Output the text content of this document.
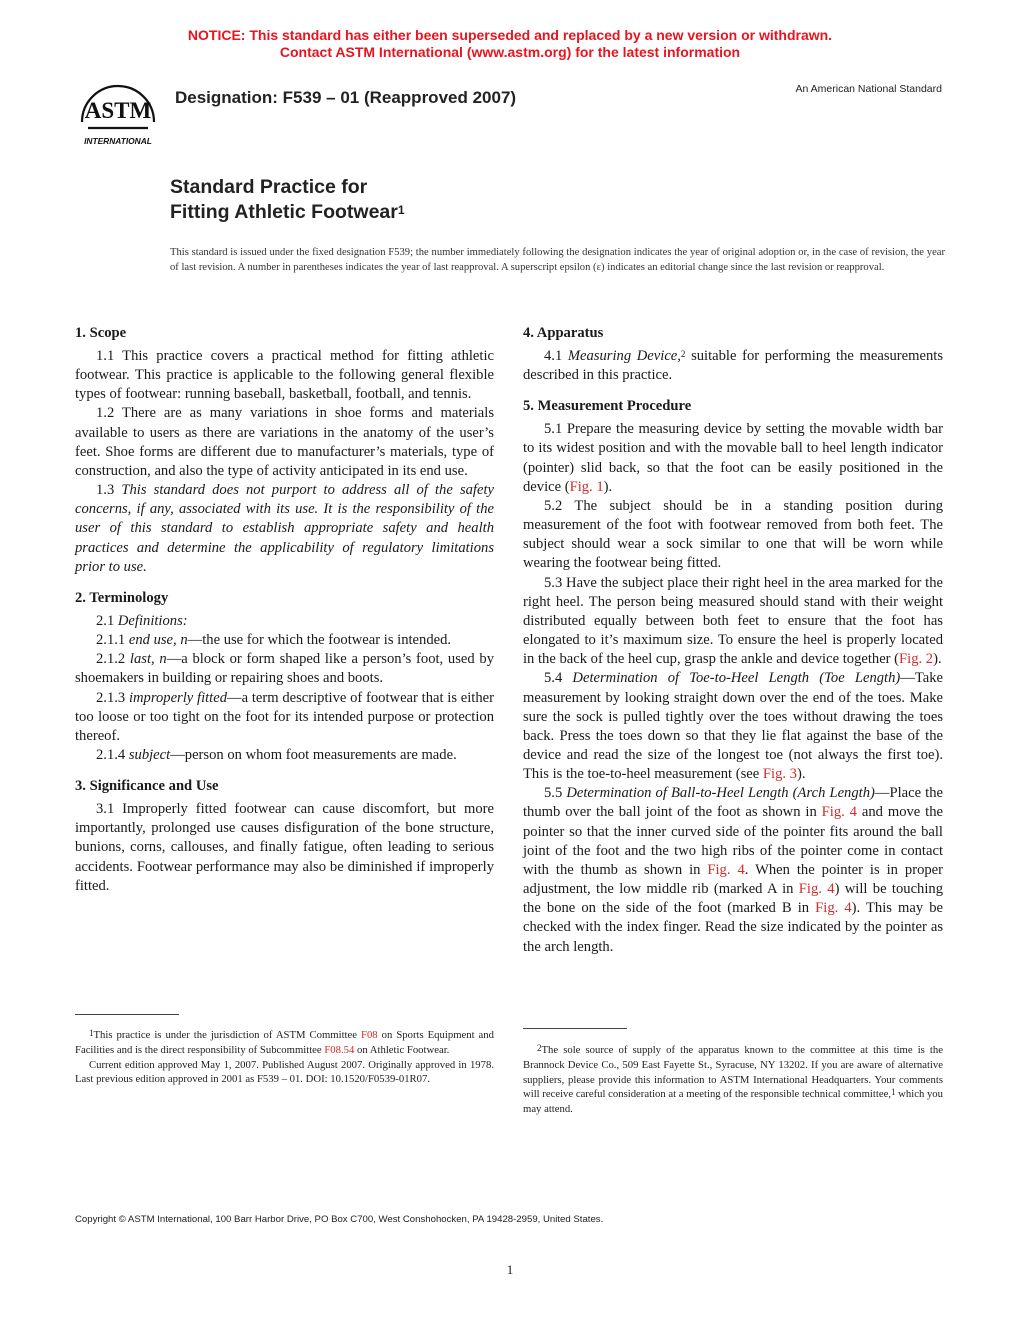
NOTICE: This standard has either been superseded and replaced by a new version or withdrawn.
Contact ASTM International (www.astm.org) for the latest information
ASTM
INTERNATIONAL
Designation: F539 – 01 (Reapproved 2007)	An American National Standard
Standard Practice for
Fitting Athletic Footwear$^1$
This standard is issued under the fixed designation F539; the number immediately following the designation indicates the year of original adoption or, in the case of revision, the year of last revision. A number in parentheses indicates the year of last reapproval. A superscript epsilon (ε) indicates an editorial change since the last revision or reapproval.
1. Scope

1.1 This practice covers a practical method for fitting athletic footwear. This practice is applicable to the following general flexible types of footwear: running baseball, basketball, football, and tennis.

1.2 There are as many variations in shoe forms and materials available to users as there are variations in the anatomy of the user’s feet. Shoe forms are different due to manufacturer’s materials, type of construction, and also the type of activity anticipated in its end use.

1.3 This standard does not purport to address all of the safety concerns, if any, associated with its use. It is the responsibility of the user of this standard to establish appropriate safety and health practices and determine the applicability of regulatory limitations prior to use.

2. Terminology

2.1 Definitions:

2.1.1 end use, n—the use for which the footwear is intended.

2.1.2 last, n—a block or form shaped like a person’s foot, used by shoemakers in building or repairing shoes and boots.

2.1.3 improperly fitted—a term descriptive of footwear that is either too loose or too tight on the foot for its intended purpose or protection thereof.

2.1.4 subject—person on whom foot measurements are made.

3. Significance and Use

3.1 Improperly fitted footwear can cause discomfort, but more importantly, prolonged use causes disfiguration of the bone structure, bunions, corns, callouses, and finally fatigue, often leading to serious accidents. Footwear performance may also be diminished if improperly fitted.

4. Apparatus

4.1 Measuring Device,$^2$ suitable for performing the measurements described in this practice.

5. Measurement Procedure

5.1 Prepare the measuring device by setting the movable width bar to its widest position and with the movable ball to heel length indicator (pointer) slid back, so that the foot can be easily positioned in the device (Fig. 1).

5.2 The subject should be in a standing position during measurement of the foot with footwear removed from both feet. The subject should wear a sock similar to one that will be worn while wearing the footwear being fitted.

5.3 Have the subject place their right heel in the area marked for the right heel. The person being measured should stand with their weight distributed equally between both feet to ensure that the foot has elongated to it’s maximum size. To ensure the heel is properly located in the back of the heel cup, grasp the ankle and device together (Fig. 2).

5.4 Determination of Toe-to-Heel Length (Toe Length)—Take measurement by looking straight down over the end of the toes. Make sure the sock is pulled tightly over the toes without drawing the toes back. Press the toes down so that they lie flat against the base of the device and read the size of the longest toe (not always the first toe). This is the toe-to-heel measurement (see Fig. 3).

5.5 Determination of Ball-to-Heel Length (Arch Length)—Place the thumb over the ball joint of the foot as shown in Fig. 4 and move the pointer so that the inner curved side of the pointer fits around the ball joint of the foot and the two high ribs of the pointer come in contact with the thumb as shown in Fig. 4. When the pointer is in proper adjustment, the low middle rib (marked A in Fig. 4) will be touching the bone on the side of the foot (marked B in Fig. 4). This may be checked with the index finger. Read the size indicated by the pointer as the arch length.

$^1$This practice is under the jurisdiction of ASTM Committee F08 on Sports Equipment and Facilities and is the direct responsibility of Subcommittee F08.54 on Athletic Footwear.

Current edition approved May 1, 2007. Published August 2007. Originally approved in 1978. Last previous edition approved in 2001 as F539 – 01. DOI: 10.1520/F0539-01R07.

$^2$The sole source of supply of the apparatus known to the committee at this time is the Brannock Device Co., 509 East Fayette St., Syracuse, NY 13202. If you are aware of alternative suppliers, please provide this information to ASTM International Headquarters. Your comments will receive careful consideration at a meeting of the responsible technical committee,$^1$ which you may attend.

Copyright © ASTM International, 100 Barr Harbor Drive, PO Box C700, West Conshohocken, PA 19428-2959, United States.
1
